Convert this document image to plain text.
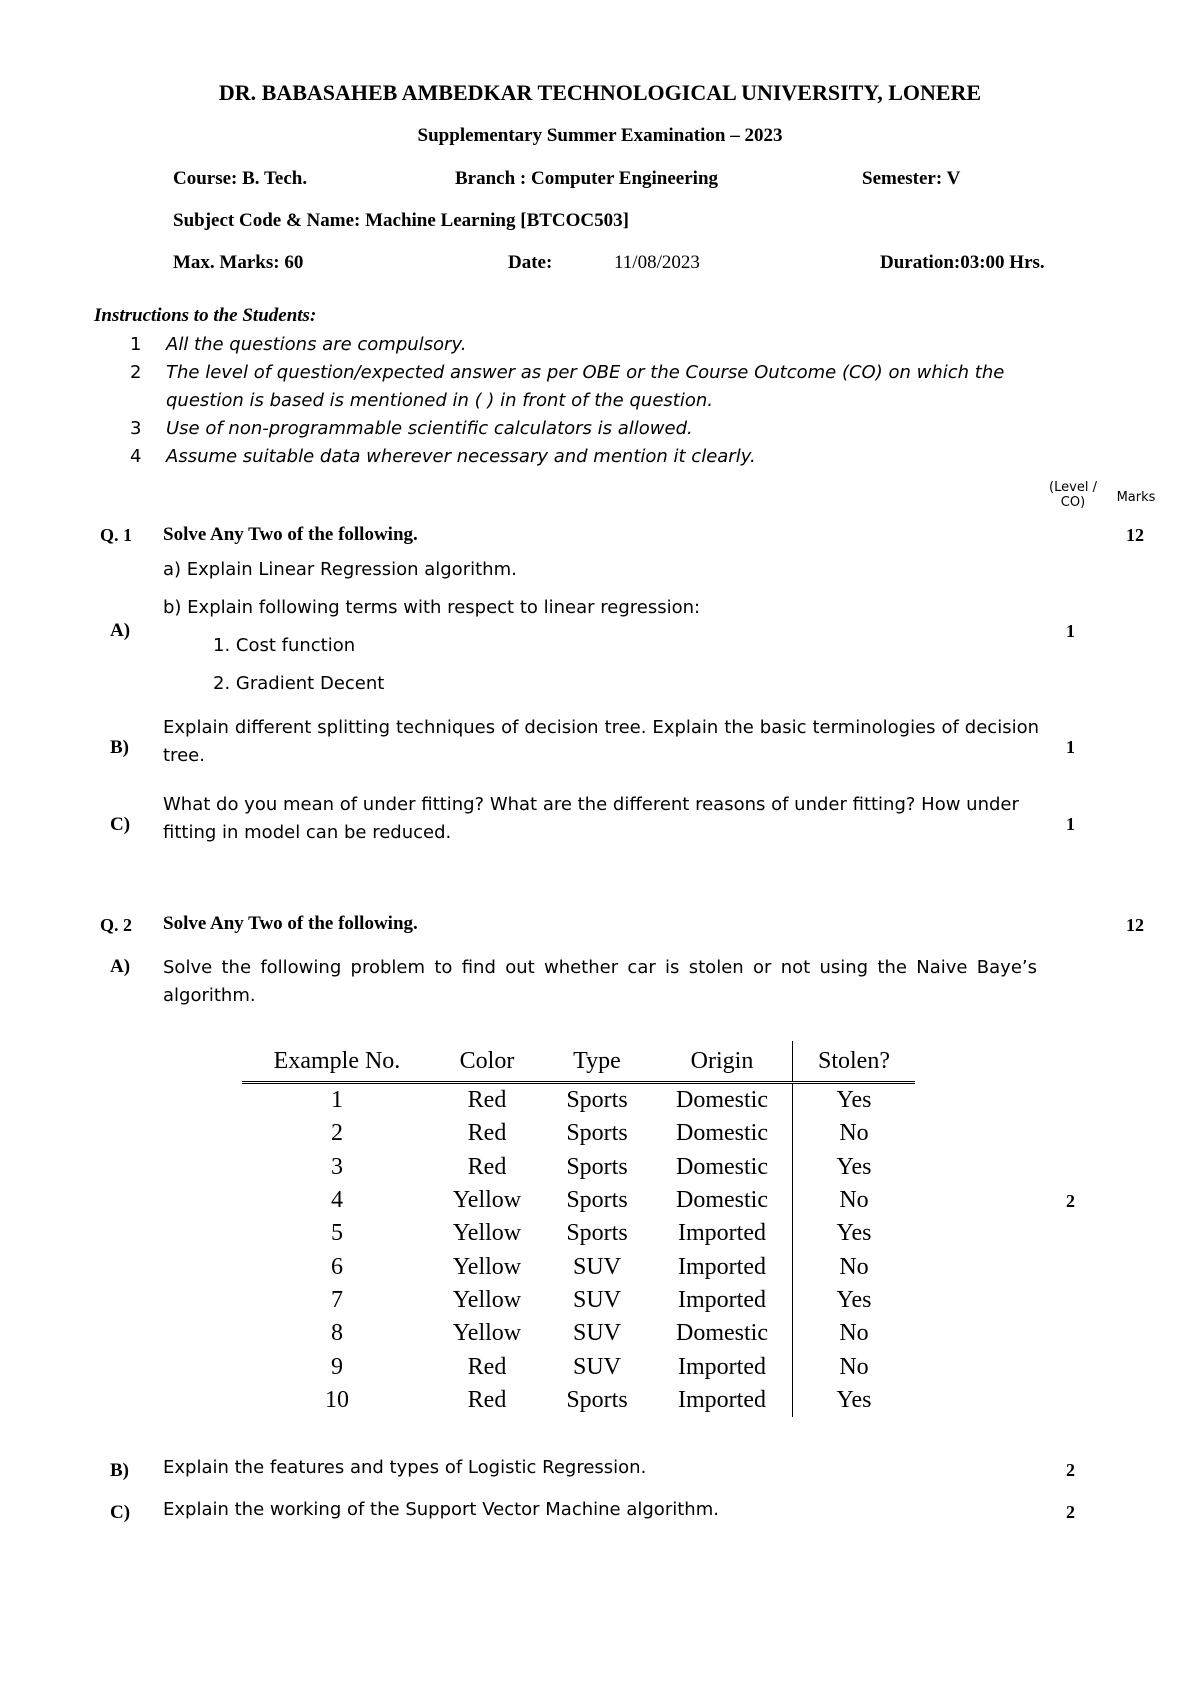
DR. BABASAHEB AMBEDKAR TECHNOLOGICAL UNIVERSITY, LONERE
Supplementary Summer Examination – 2023
Course: B. Tech.	Branch : Computer Engineering	Semester: V
Subject Code & Name: Machine Learning [BTCOC503]
Max. Marks: 60	Date:	11/08/2023	Duration:03:00 Hrs.
Instructions to the Students:
1 All the questions are compulsory.
2 The level of question/expected answer as per OBE or the Course Outcome (CO) on which the
question is based is mentioned in ( ) in front of the question.
3 Use of non-programmable scientific calculators is allowed.
4 Assume suitable data wherever necessary and mention it clearly.
(Level /
CO)	Marks
Q. 1 Solve Any Two of the following.	12
a) Explain Linear Regression algorithm.
b) Explain following terms with respect to linear regression:
1. Cost function
2. Gradient Decent
A)	1
B)
Explain different splitting techniques of decision tree. Explain the basic terminologies of decision tree.	1
C)
What do you mean of under fitting? What are the different reasons of under fitting? How under fitting in model can be reduced.	1
Q. 2 Solve Any Two of the following.	12
A) Solve the following problem to find out whether car is stolen or not using the Naive Baye’s algorithm.
2
Example No.	Color	Type	Origin	Stolen?
1	Red	Sports	Domestic	Yes
2	Red	Sports	Domestic	No
3	Red	Sports	Domestic	Yes
4	Yellow	Sports	Domestic	No
5	Yellow	Sports	Imported	Yes
6	Yellow	SUV	Imported	No
7	Yellow	SUV	Imported	Yes
8	Yellow	SUV	Domestic	No
9	Red	SUV	Imported	No
10	Red	Sports	Imported	Yes
B) Explain the features and types of Logistic Regression.	2
C) Explain the working of the Support Vector Machine algorithm.	2
